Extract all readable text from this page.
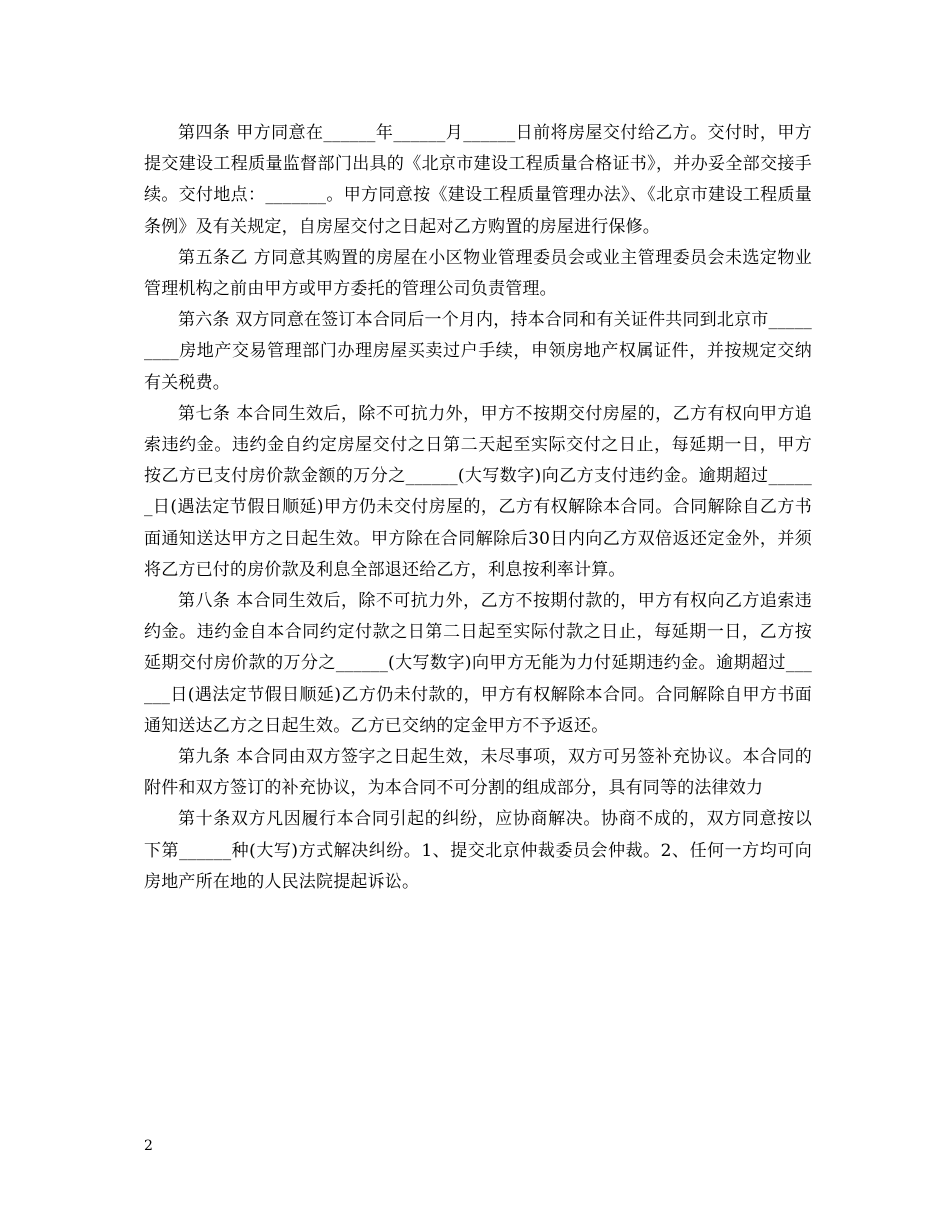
第四条 甲方同意在______年______月______日前将房屋交付给乙方。交付时，甲方提交建设工程质量监督部门出具的《北京市建设工程质量合格证书》，并办妥全部交接手续。交付地点：_______。甲方同意按《建设工程质量管理办法》、《北京市建设工程质量条例》及有关规定，自房屋交付之日起对乙方购置的房屋进行保修。

第五条乙 方同意其购置的房屋在小区物业管理委员会或业主管理委员会未选定物业管理机构之前由甲方或甲方委托的管理公司负责管理。

第六条 双方同意在签订本合同后一个月内，持本合同和有关证件共同到北京市_________房地产交易管理部门办理房屋买卖过户手续，申领房地产权属证件，并按规定交纳有关税费。

第七条 本合同生效后，除不可抗力外，甲方不按期交付房屋的，乙方有权向甲方追索违约金。违约金自约定房屋交付之日第二天起至实际交付之日止，每延期一日，甲方按乙方已支付房价款金额的万分之______(大写数字)向乙方支付违约金。逾期超过______日(遇法定节假日顺延)甲方仍未交付房屋的，乙方有权解除本合同。合同解除自乙方书面通知送达甲方之日起生效。甲方除在合同解除后30日内向乙方双倍返还定金外，并须将乙方已付的房价款及利息全部退还给乙方，利息按利率计算。

第八条 本合同生效后，除不可抗力外，乙方不按期付款的，甲方有权向乙方追索违约金。违约金自本合同约定付款之日第二日起至实际付款之日止，每延期一日，乙方按延期交付房价款的万分之______(大写数字)向甲方无能为力付延期违约金。逾期超过______日(遇法定节假日顺延)乙方仍未付款的，甲方有权解除本合同。合同解除自甲方书面通知送达乙方之日起生效。乙方已交纳的定金甲方不予返还。

第九条 本合同由双方签字之日起生效，未尽事项，双方可另签补充协议。本合同的附件和双方签订的补充协议，为本合同不可分割的组成部分，具有同等的法律效力

第十条双方凡因履行本合同引起的纠纷，应协商解决。协商不成的，双方同意按以下第______种(大写)方式解决纠纷。1、提交北京仲裁委员会仲裁。2、任何一方均可向房地产所在地的人民法院提起诉讼。

2
